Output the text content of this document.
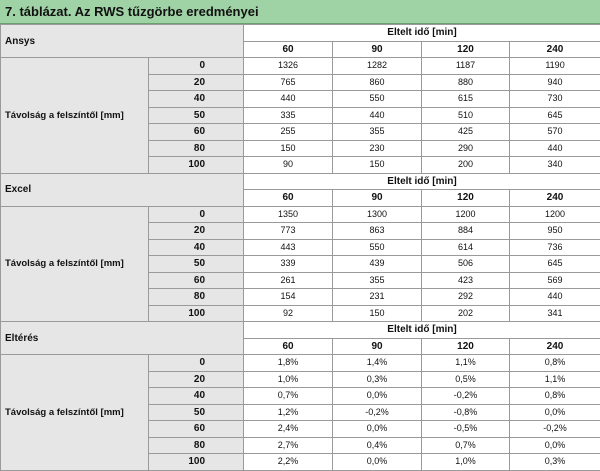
7. táblázat. Az RWS tűzgörbe eredményei
Ansys		Eltelt idő [min]			
		60	90	120	240
Távolság a felszíntől [mm]	0	1326	1282	1187	1190
	20	765	860	880	940
	40	440	550	615	730
	50	335	440	510	645
	60	255	355	425	570
	80	150	230	290	440
	100	90	150	200	340
Excel		Eltelt idő [min]			
		60	90	120	240
Távolság a felszíntől [mm]	0	1350	1300	1200	1200
	20	773	863	884	950
	40	443	550	614	736
	50	339	439	506	645
	60	261	355	423	569
	80	154	231	292	440
	100	92	150	202	341
Eltérés		Eltelt idő [min]			
		60	90	120	240
Távolság a felszíntől [mm]	0	1,8%	1,4%	1,1%	0,8%
	20	1,0%	0,3%	0,5%	1,1%
	40	0,7%	0,0%	-0,2%	0,8%
	50	1,2%	-0,2%	-0,8%	0,0%
	60	2,4%	0,0%	-0,5%	-0,2%
	80	2,7%	0,4%	0,7%	0,0%
	100	2,2%	0,0%	1,0%	0,3%
